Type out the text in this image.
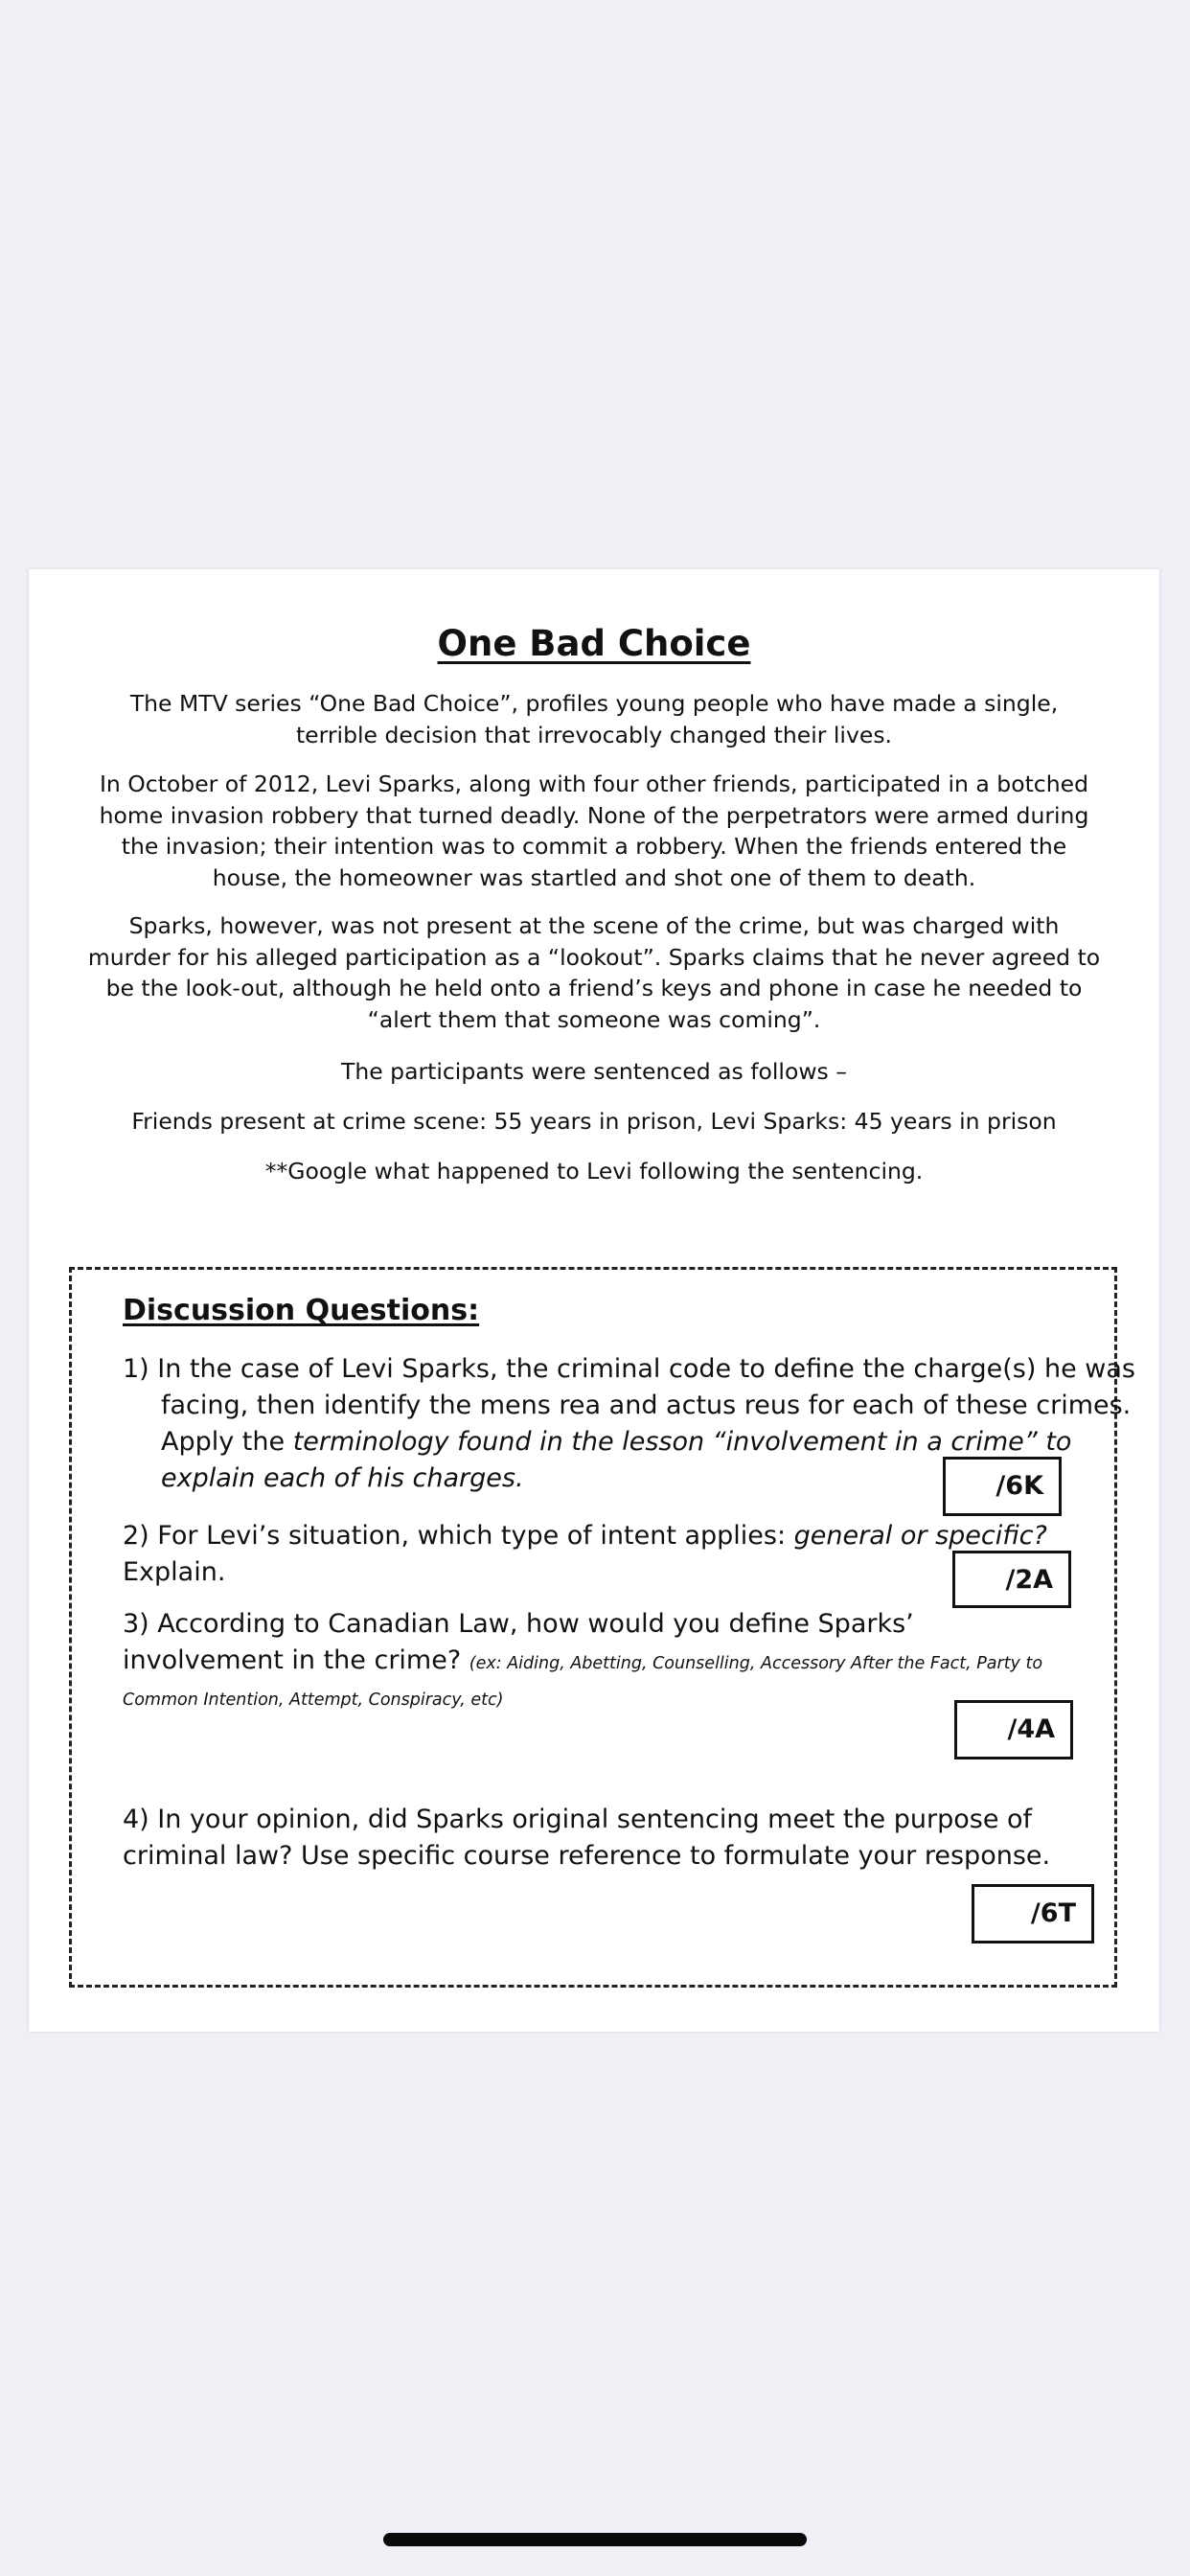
One Bad Choice

The MTV series “One Bad Choice”, profiles young people who have made a single, terrible decision that irrevocably changed their lives.

In October of 2012, Levi Sparks, along with four other friends, participated in a botched home invasion robbery that turned deadly. None of the perpetrators were armed during the invasion; their intention was to commit a robbery. When the friends entered the house, the homeowner was startled and shot one of them to death.

Sparks, however, was not present at the scene of the crime, but was charged with murder for his alleged participation as a “lookout”. Sparks claims that he never agreed to be the look-out, although he held onto a friend’s keys and phone in case he needed to “alert them that someone was coming”.

The participants were sentenced as follows –

Friends present at crime scene: 55 years in prison, Levi Sparks: 45 years in prison

**Google what happened to Levi following the sentencing.

Discussion Questions:

1) In the case of Levi Sparks, the criminal code to define the charge(s) he was facing, then identify the mens rea and actus reus for each of these crimes. Apply the terminology found in the lesson “involvement in a crime” to explain each of his charges.	/6K

2) For Levi’s situation, which type of intent applies: general or specific?
Explain.	/2A

3) According to Canadian Law, how would you define Sparks’ involvement in the crime? (ex: Aiding, Abetting, Counselling, Accessory After the Fact, Party to Common Intention, Attempt, Conspiracy, etc)

/4A

4) In your opinion, did Sparks original sentencing meet the purpose of criminal law? Use specific course reference to formulate your response.

/6T
